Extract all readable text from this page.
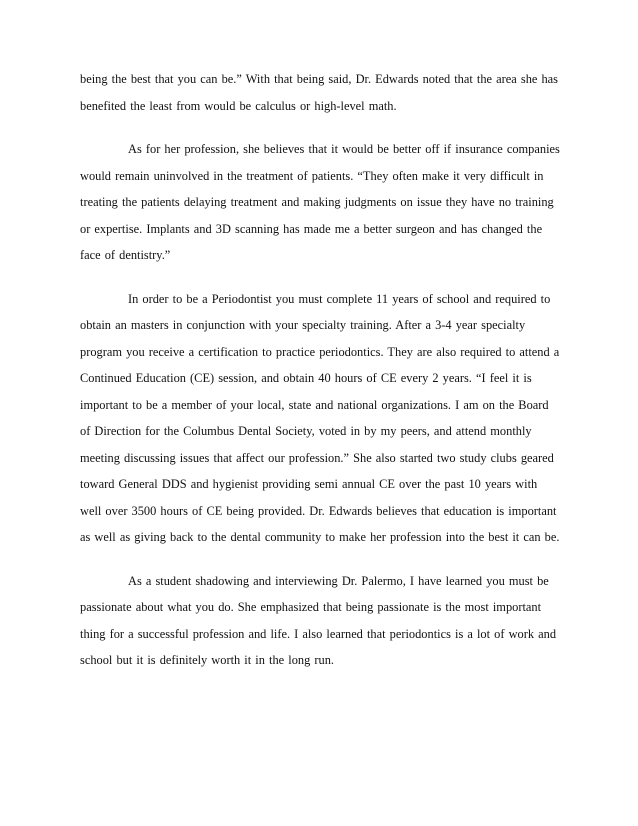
being the best that you can be.” With that being said, Dr. Edwards noted that the area she has benefited the least from would be calculus or high-level math.

As for her profession, she believes that it would be better off if insurance companies would remain uninvolved in the treatment of patients. “They often make it very difficult in treating the patients delaying treatment and making judgments on issue they have no training or expertise. Implants and 3D scanning has made me a better surgeon and has changed the face of dentistry.”

In order to be a Periodontist you must complete 11 years of school and required to obtain an masters in conjunction with your specialty training. After a 3-4 year specialty program you receive a certification to practice periodontics. They are also required to attend a Continued Education (CE) session, and obtain 40 hours of CE every 2 years. “I feel it is important to be a member of your local, state and national organizations. I am on the Board of Direction for the Columbus Dental Society, voted in by my peers, and attend monthly meeting discussing issues that affect our profession.” She also started two study clubs geared toward General DDS and hygienist providing semi annual CE over the past 10 years with well over 3500 hours of CE being provided. Dr. Edwards believes that education is important as well as giving back to the dental community to make her profession into the best it can be.

As a student shadowing and interviewing Dr. Palermo, I have learned you must be passionate about what you do. She emphasized that being passionate is the most important thing for a successful profession and life. I also learned that periodontics is a lot of work and school but it is definitely worth it in the long run.
